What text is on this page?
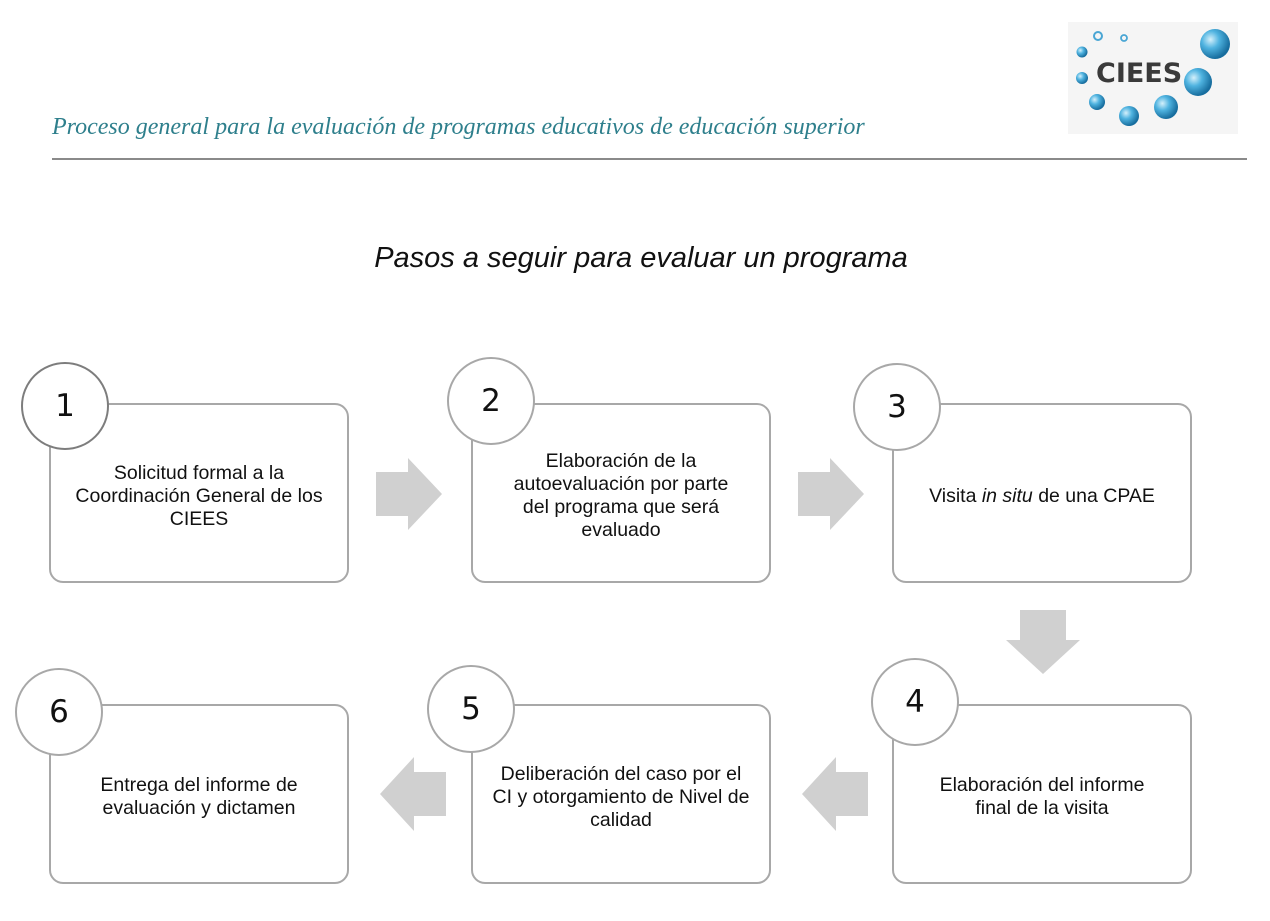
Proceso general para la evaluación de programas educativos de educación superior
CIEES
Pasos a seguir para evaluar un programa
Solicitud formal a la Coordinación General de los CIEES
1
Elaboración de la autoevaluación por parte del programa que será evaluado
2
Visita in situ de una CPAE
3
Elaboración del informe final de la visita
4
Deliberación del caso por el CI y otorgamiento de Nivel de calidad
5
Entrega del informe de evaluación y dictamen
6
